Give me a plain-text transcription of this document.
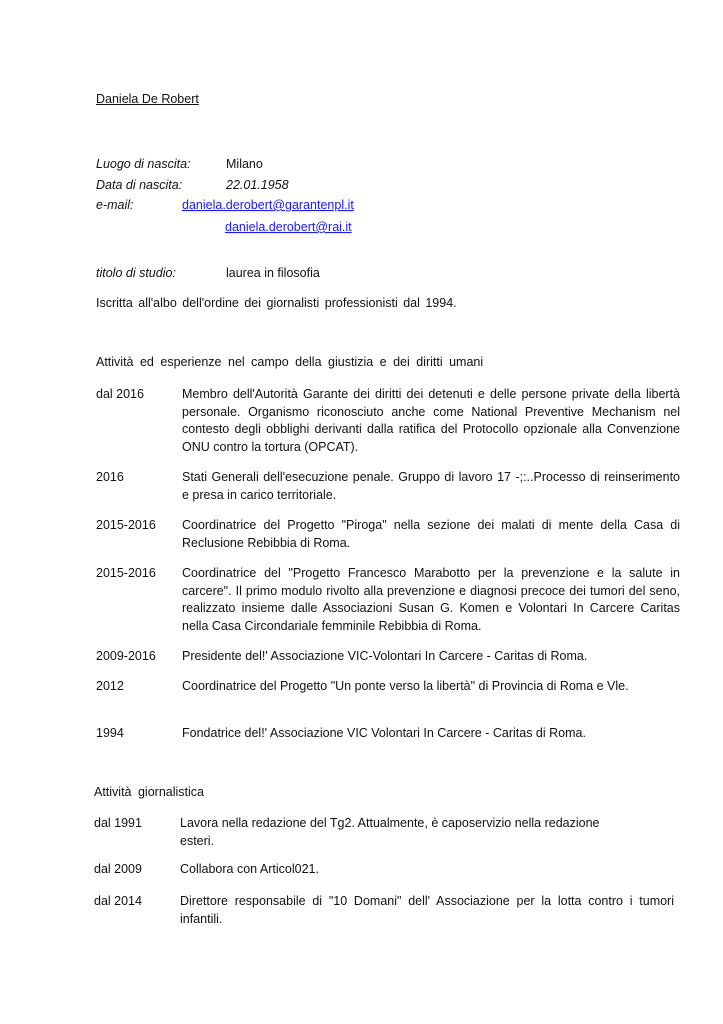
Daniela De Robert
Luogo di nascita:	Milano
Data di nascita:	22.01.1958
e-mail:	daniela.derobert@garantenpl.it
daniela.derobert@rai.it
titolo di studio:	laurea in filosofia
Iscritta all'albo dell'ordine dei giornalisti professionisti dal 1994.
Attività ed esperienze nel campo della giustizia e dei diritti umani
dal 2016	Membro dell'Autorità Garante dei diritti dei detenuti e delle persone private della libertà personale. Organismo riconosciuto anche come National Preventive Mechanism nel contesto degli obblighi derivanti dalla ratifica del Protocollo opzionale alla Convenzione ONU contro la tortura (OPCAT).
2016	Stati Generali dell'esecuzione penale. Gruppo di lavoro 17 -;:..Processo di reinserimento e presa in carico territoriale.
2015-2016 Coordinatrice del Progetto "Piroga" nella sezione dei malati di mente della Casa di Reclusione Rebibbia di Roma.
2015-2016 Coordinatrice del "Progetto Francesco Marabotto per la prevenzione e la salute in carcere". Il primo modulo rivolto alla prevenzione e diagnosi precoce dei tumori del seno, realizzato insieme dalle Associazioni Susan G. Komen e Volontari In Carcere Caritas nella Casa Circondariale femminile Rebibbia di Roma.
2009-2016 Presidente del!' Associazione VIC-Volontari In Carcere - Caritas di Roma.
2012	Coordinatrice del Progetto "Un ponte verso la libertà" di Provincia di Roma e Vle.
1994	Fondatrice del!' Associazione VIC Volontari In Carcere - Caritas di Roma.
Attività giornalistica
dal 1991	Lavora nella redazione del Tg2. Attualmente, è caposervizio nella redazione esteri.
dal 2009	Collabora con Articol021.
dal 2014	Direttore responsabile di "10 Domani" dell' Associazione per la lotta contro i tumori infantili.
